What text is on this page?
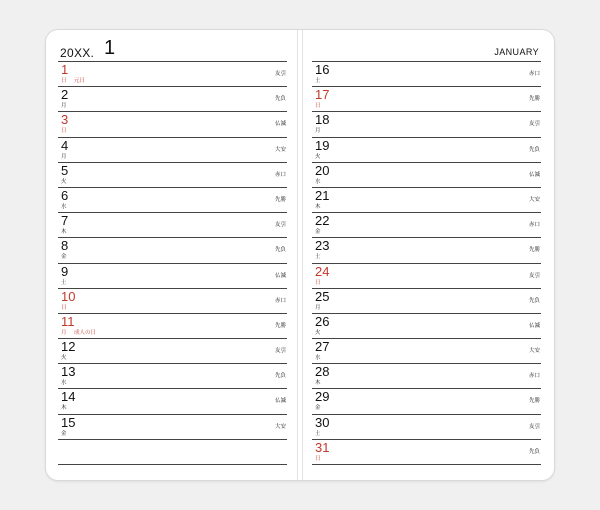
20XX. 1
1
日 元日
友引
2
月
先負
3
日
仏滅
4
月
大安
5
火
赤口
6
水
先勝
7
木
友引
8
金
先負
9
土
仏滅
10
日
赤口
11
月 成人の日
先勝
12
火
友引
13
水
先負
14
木
仏滅
15
金
大安
JANUARY
16
土
赤口
17
日
先勝
18
月
友引
19
火
先負
20
水
仏滅
21
木
大安
22
金
赤口
23
土
先勝
24
日
友引
25
月
先負
26
火
仏滅
27
水
大安
28
木
赤口
29
金
先勝
30
土
友引
31
日
先負
